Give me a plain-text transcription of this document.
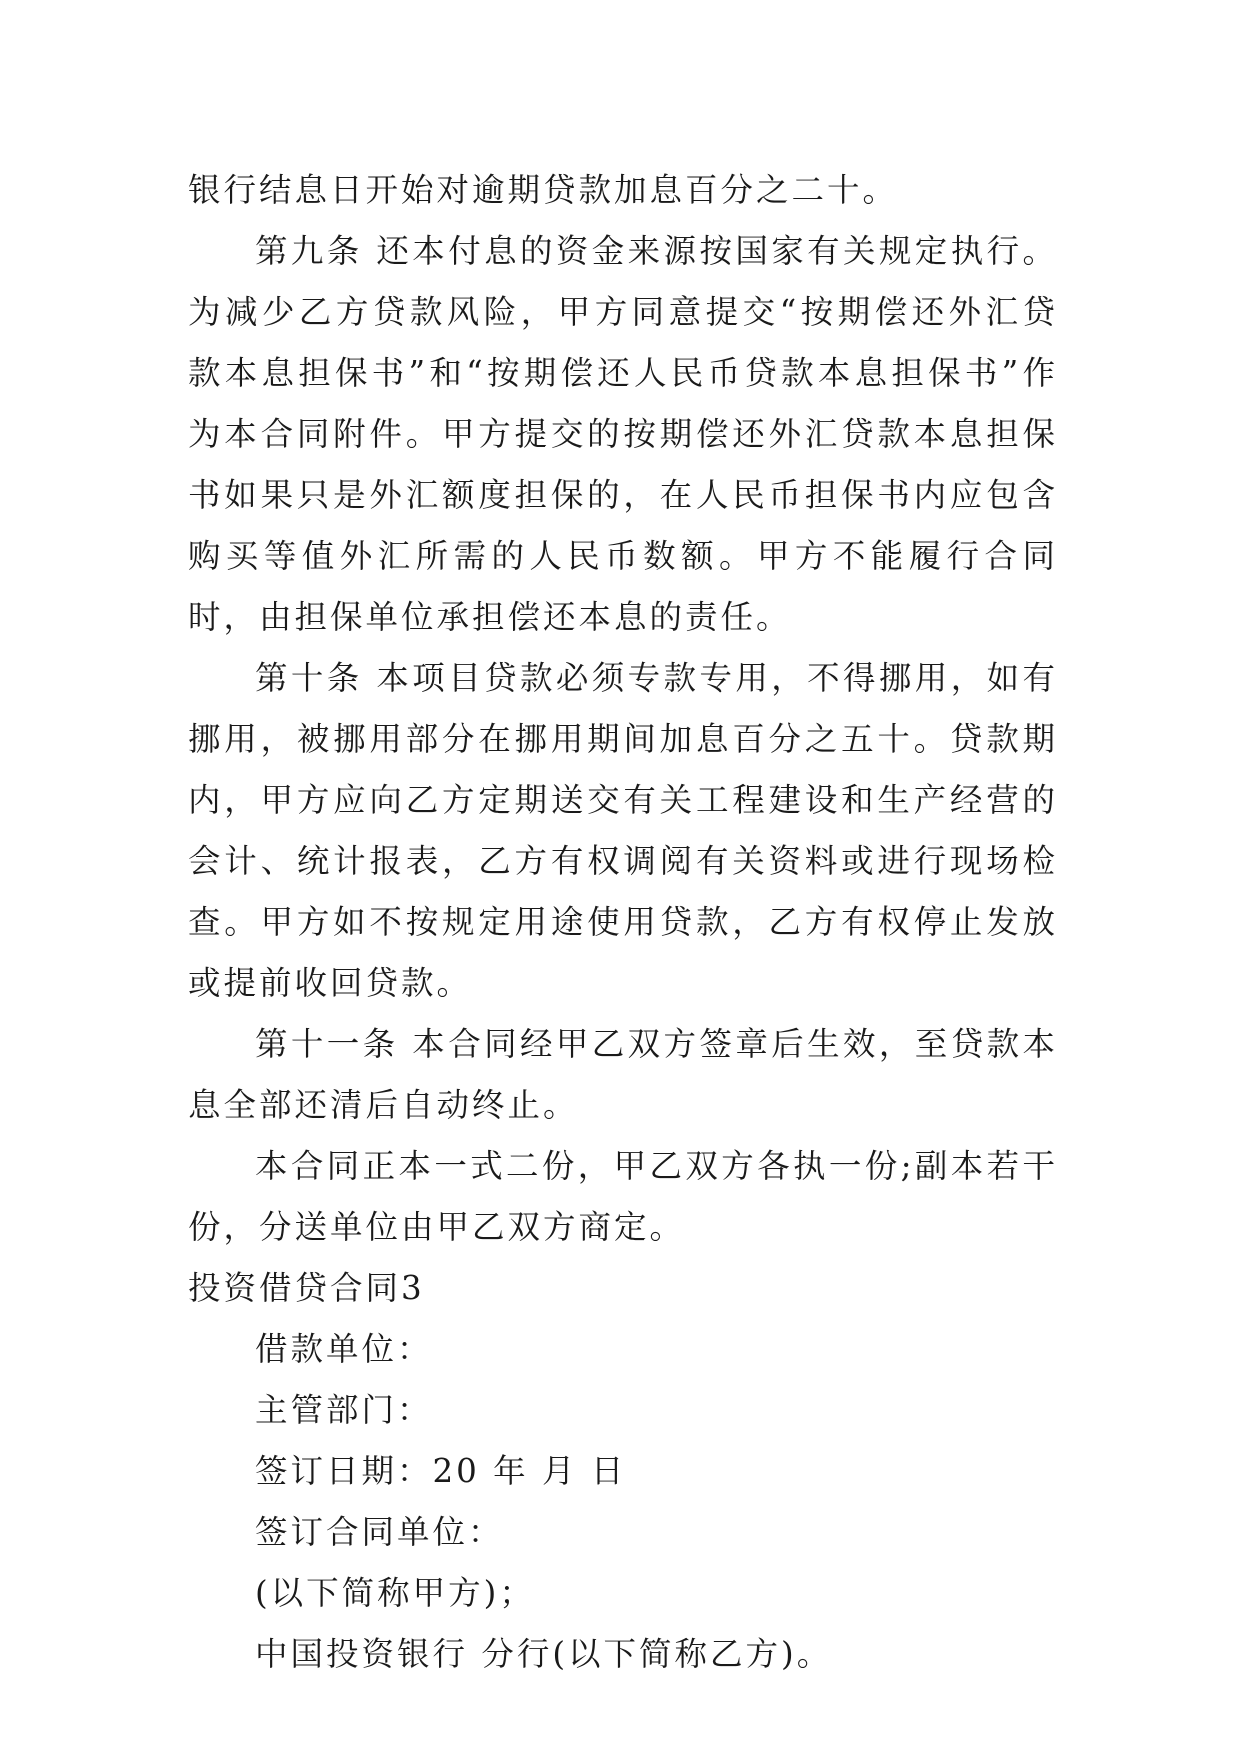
银行结息日开始对逾期贷款加息百分之二十。

第九条 还本付息的资金来源按国家有关规定执行。为减少乙方贷款风险，甲方同意提交“按期偿还外汇贷款本息担保书”和“按期偿还人民币贷款本息担保书”作为本合同附件。甲方提交的按期偿还外汇贷款本息担保书如果只是外汇额度担保的，在人民币担保书内应包含购买等值外汇所需的人民币数额。甲方不能履行合同时，由担保单位承担偿还本息的责任。

第十条 本项目贷款必须专款专用，不得挪用，如有挪用，被挪用部分在挪用期间加息百分之五十。贷款期内，甲方应向乙方定期送交有关工程建设和生产经营的会计、统计报表，乙方有权调阅有关资料或进行现场检查。甲方如不按规定用途使用贷款，乙方有权停止发放或提前收回贷款。

第十一条 本合同经甲乙双方签章后生效，至贷款本息全部还清后自动终止。

本合同正本一式二份，甲乙双方各执一份;副本若干份，分送单位由甲乙双方商定。

投资借贷合同3

借款单位：

主管部门：

签订日期：20 年 月 日

签订合同单位：

(以下简称甲方)；

中国投资银行 分行(以下简称乙方)。
